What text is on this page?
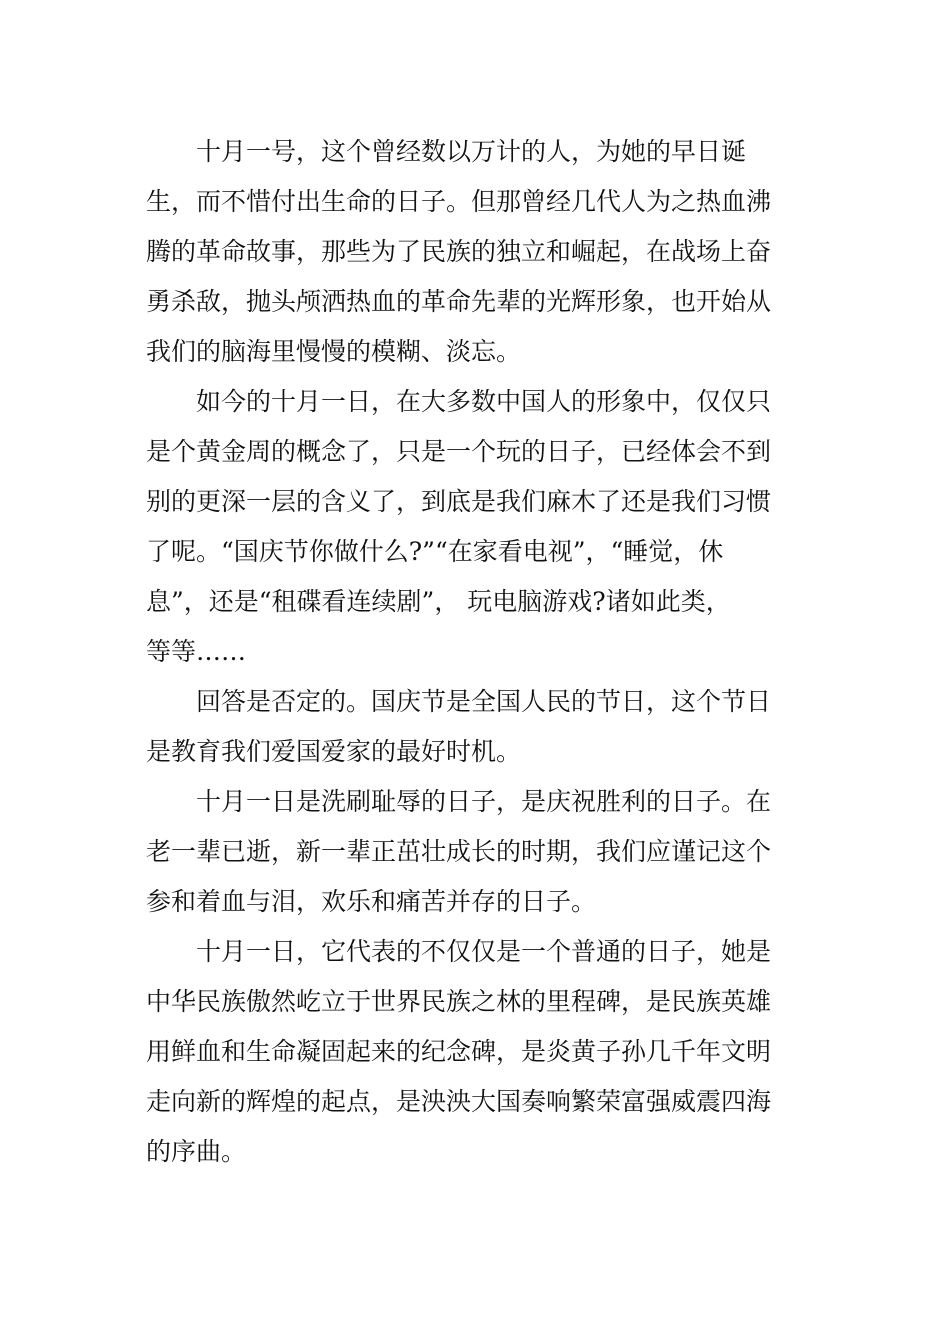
十月一号，这个曾经数以万计的人，为她的早日诞
生，而不惜付出生命的日子。但那曾经几代人为之热血沸
腾的革命故事，那些为了民族的独立和崛起，在战场上奋
勇杀敌，抛头颅洒热血的革命先辈的光辉形象，也开始从
我们的脑海里慢慢的模糊、淡忘。
如今的十月一日，在大多数中国人的形象中，仅仅只
是个黄金周的概念了，只是一个玩的日子，已经体会不到
别的更深一层的含义了，到底是我们麻木了还是我们习惯
了呢。“国庆节你做什么?”“在家看电视”，“睡觉，休
息”，还是“租碟看连续剧”， 玩电脑游戏?诸如此类，
等等……
回答是否定的。国庆节是全国人民的节日，这个节日
是教育我们爱国爱家的最好时机。
十月一日是洗刷耻辱的日子，是庆祝胜利的日子。在
老一辈已逝，新一辈正茁壮成长的时期，我们应谨记这个
参和着血与泪，欢乐和痛苦并存的日子。
十月一日，它代表的不仅仅是一个普通的日子，她是
中华民族傲然屹立于世界民族之林的里程碑，是民族英雄
用鲜血和生命凝固起来的纪念碑，是炎黄子孙几千年文明
走向新的辉煌的起点，是泱泱大国奏响繁荣富强威震四海
的序曲。
